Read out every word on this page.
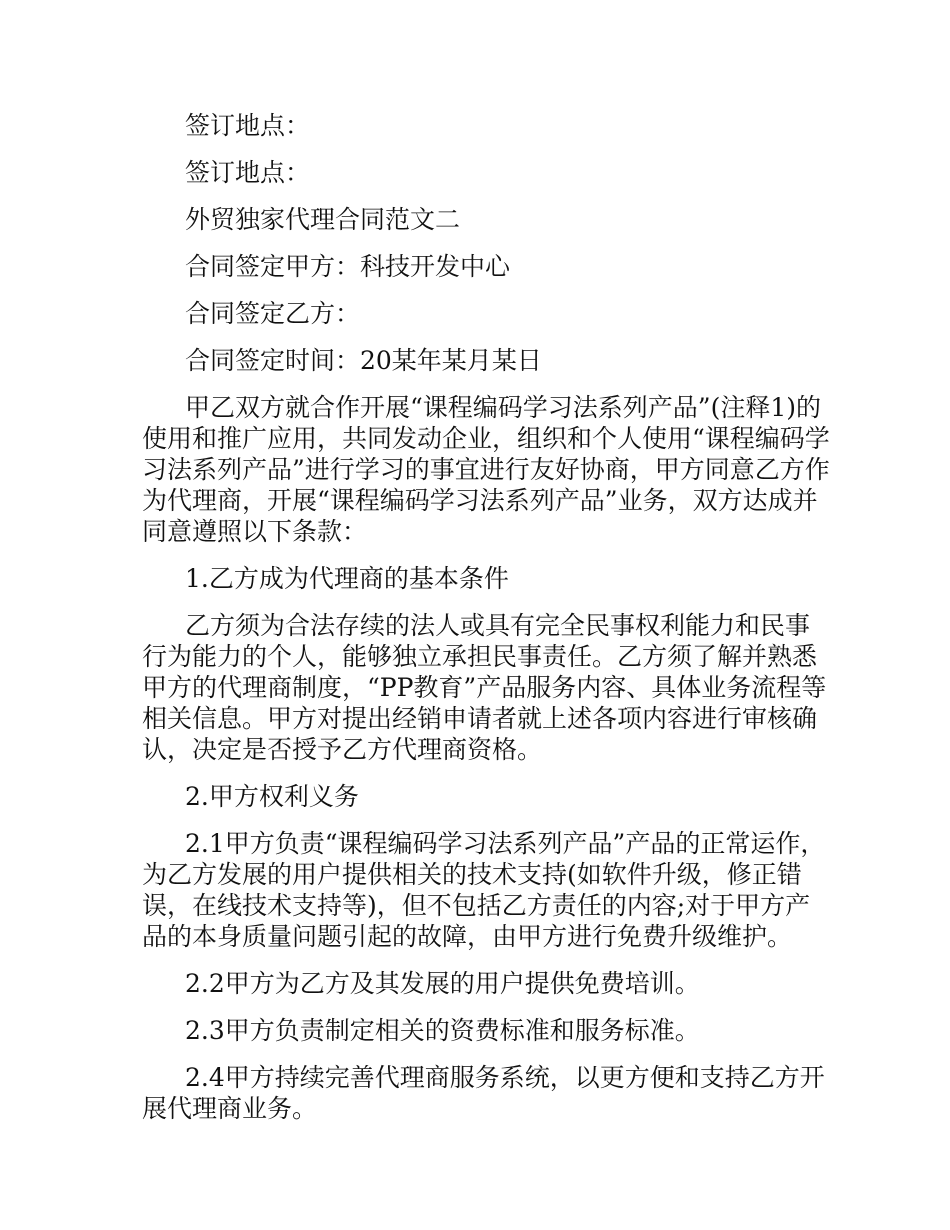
签订地点：

签订地点：

外贸独家代理合同范文二

合同签定甲方：科技开发中心

合同签定乙方：

合同签定时间：20某年某月某日

甲乙双方就合作开展“课程编码学习法系列产品”(注释1)的使用和推广应用，共同发动企业，组织和个人使用“课程编码学习法系列产品”进行学习的事宜进行友好协商，甲方同意乙方作为代理商，开展“课程编码学习法系列产品”业务，双方达成并同意遵照以下条款：

1.乙方成为代理商的基本条件

乙方须为合法存续的法人或具有完全民事权利能力和民事行为能力的个人，能够独立承担民事责任。乙方须了解并熟悉甲方的代理商制度，“PP教育”产品服务内容、具体业务流程等相关信息。甲方对提出经销申请者就上述各项内容进行审核确认，决定是否授予乙方代理商资格。

2.甲方权利义务

2.1甲方负责“课程编码学习法系列产品”产品的正常运作，为乙方发展的用户提供相关的技术支持(如软件升级，修正错误，在线技术支持等)，但不包括乙方责任的内容;对于甲方产品的本身质量问题引起的故障，由甲方进行免费升级维护。

2.2甲方为乙方及其发展的用户提供免费培训。

2.3甲方负责制定相关的资费标准和服务标准。

2.4甲方持续完善代理商服务系统，以更方便和支持乙方开展代理商业务。
